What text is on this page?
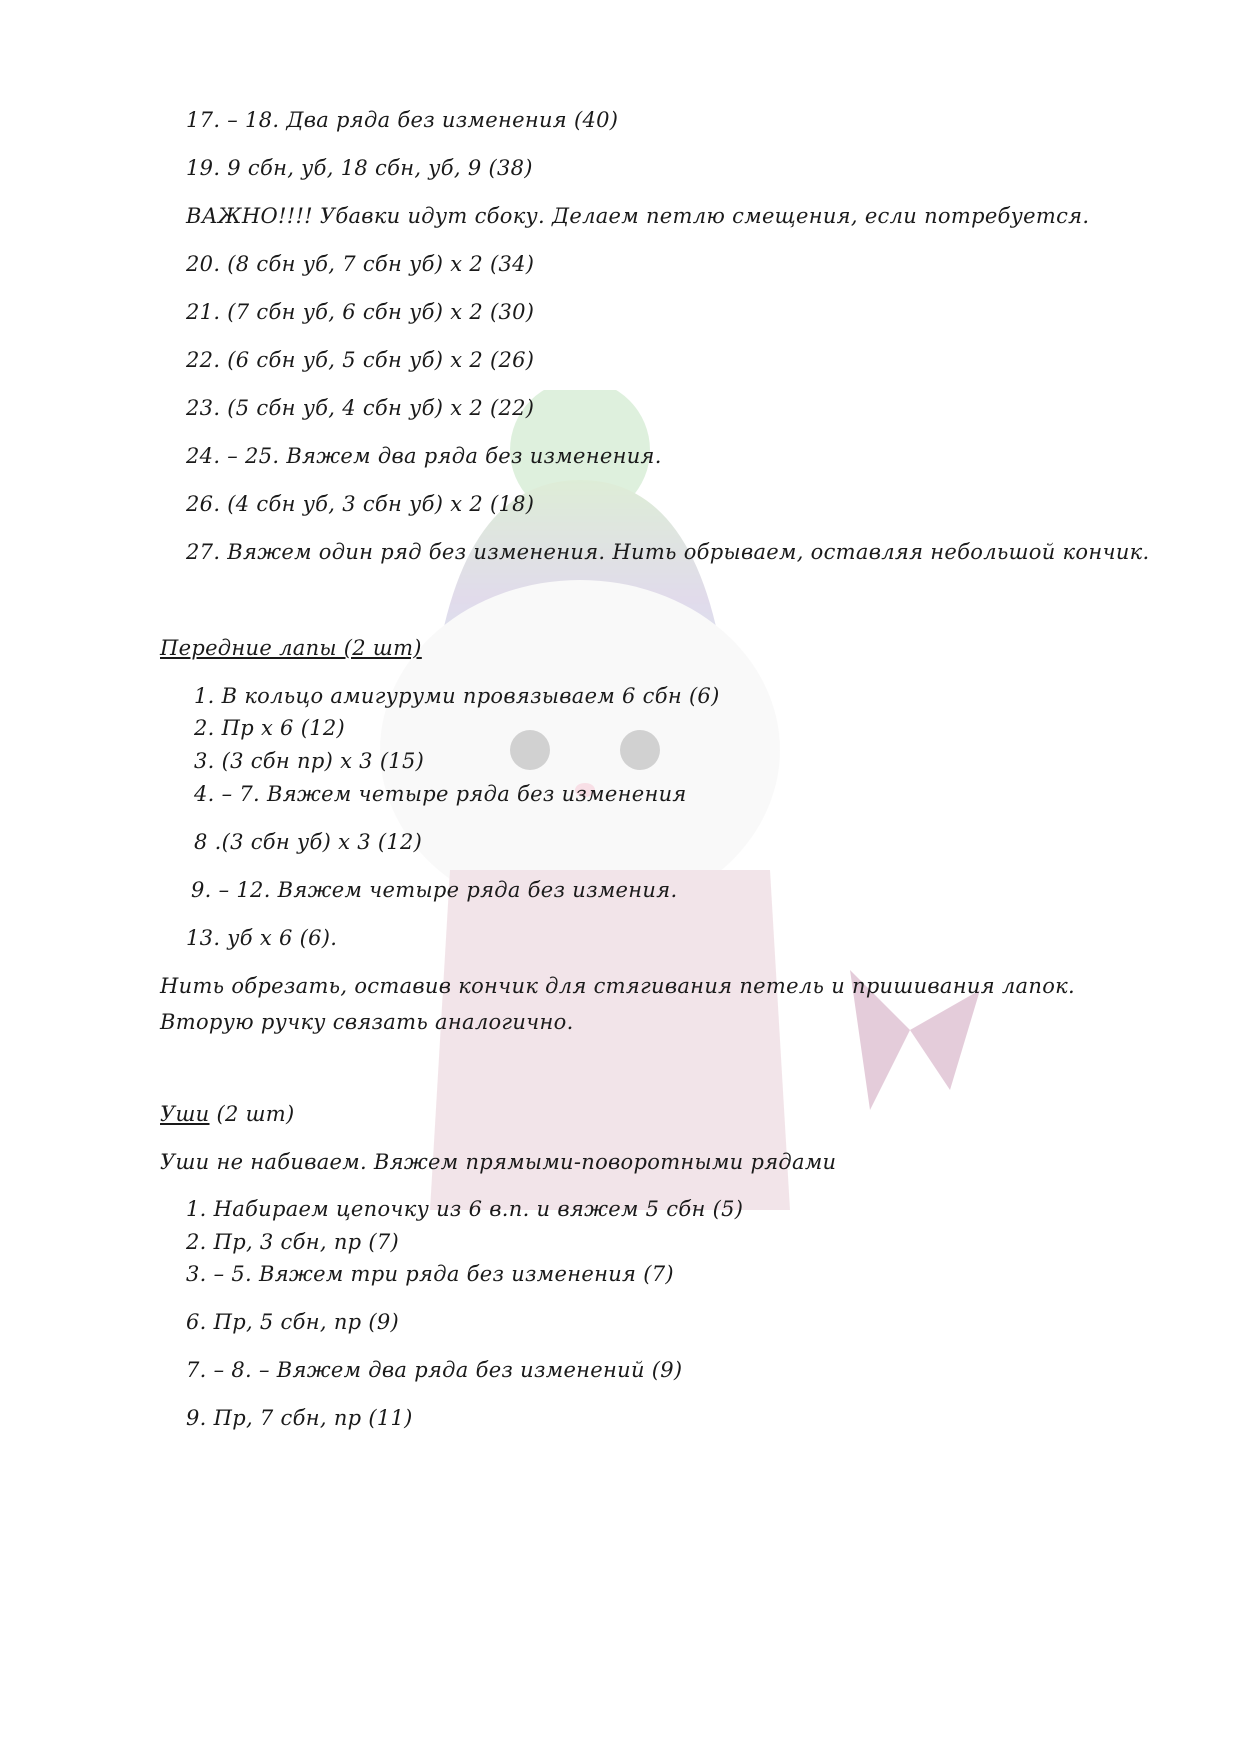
17. – 18. Два ряда без изменения (40)
19. 9 сбн, уб, 18 сбн, уб, 9 (38)
ВАЖНО!!!! Убавки идут сбоку. Делаем петлю смещения, если потребуется.
20. (8 сбн уб, 7 сбн уб) х 2 (34)
21. (7 сбн уб, 6 сбн уб) х 2 (30)
22. (6 сбн уб, 5 сбн уб) х 2 (26)
23. (5 сбн уб, 4 сбн уб) х 2 (22)
24. – 25. Вяжем два ряда без изменения.
26. (4 сбн уб, 3 сбн уб) х 2 (18)
27. Вяжем один ряд без изменения. Нить обрываем, оставляя небольшой кончик.
Передние лапы (2 шт)
1. В кольцо амигуруми провязываем 6 сбн (6)
2. Пр х 6 (12)
3. (3 сбн пр) х 3 (15)
4. – 7. Вяжем четыре ряда без изменения
8 .(3 сбн уб) х 3 (12)
9. – 12. Вяжем четыре ряда без измения.
13. уб х 6 (6).
Нить обрезать, оставив кончик для стягивания петель и пришивания лапок. Вторую ручку связать аналогично.
Уши (2 шт)
Уши не набиваем. Вяжем прямыми-поворотными рядами
1. Набираем цепочку из 6 в.п. и вяжем 5 сбн (5)
2. Пр, 3 сбн, пр (7)
3. – 5. Вяжем три ряда без изменения (7)
6. Пр, 5 сбн, пр (9)
7. – 8. – Вяжем два ряда без изменений (9)
9. Пр, 7 сбн, пр (11)
